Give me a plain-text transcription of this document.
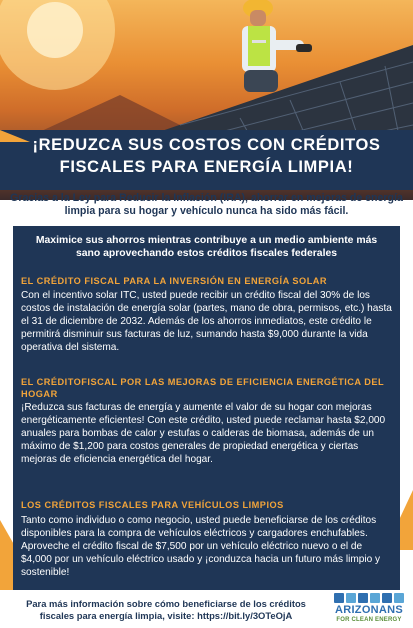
¡REDUZCA SUS COSTOS CON CRÉDITOS
FISCALES PARA ENERGÍA LIMPIA!
Gracias a la Ley para Reducir la Inflación (IRA), ahorrar en mejoras de energía limpia para su hogar y vehículo nunca ha sido más fácil.
Maximice sus ahorros mientras contribuye a un medio ambiente más sano aprovechando estos créditos fiscales federales
EL CRÉDITO FISCAL PARA LA INVERSIÓN EN ENERGÍA SOLAR
Con el incentivo solar ITC, usted puede recibir un crédito fiscal del 30% de los costos de instalación de energía solar (partes, mano de obra, permisos, etc.) hasta el 31 de diciembre de 2032. Además de los ahorros inmediatos, este crédito le permitirá disminuir sus facturas de luz, sumando hasta $9,000 durante la vida operativa del sistema.
EL CRÉDITOFISCAL POR LAS MEJORAS DE EFICIENCIA ENERGÉTICA DEL HOGAR
¡Reduzca sus facturas de energía y aumente el valor de su hogar con mejoras energéticamente eficientes! Con este crédito, usted puede reclamar hasta $2,000 anuales para bombas de calor y estufas o calderas de biomasa, además de un máximo de $1,200 para costos generales de propiedad energética y ciertas mejoras de eficiencia energética del hogar.
LOS CRÉDITOS FISCALES PARA VEHÍCULOS LIMPIOS
Tanto como individuo o como negocio, usted puede beneficiarse de los créditos disponibles para la compra de vehículos eléctricos y cargadores enchufables. Aproveche el crédito fiscal de $7,500 por un vehículo eléctrico nuevo o el de $4,000 por un vehículo eléctrico usado y ¡conduzca hacia un futuro más limpio y sostenible!
Para más información sobre cómo beneficiarse de los créditos fiscales para energía limpia, visite: https://bit.ly/3OTeOjA	ARIZONANS
FOR CLEAN ENERGY
